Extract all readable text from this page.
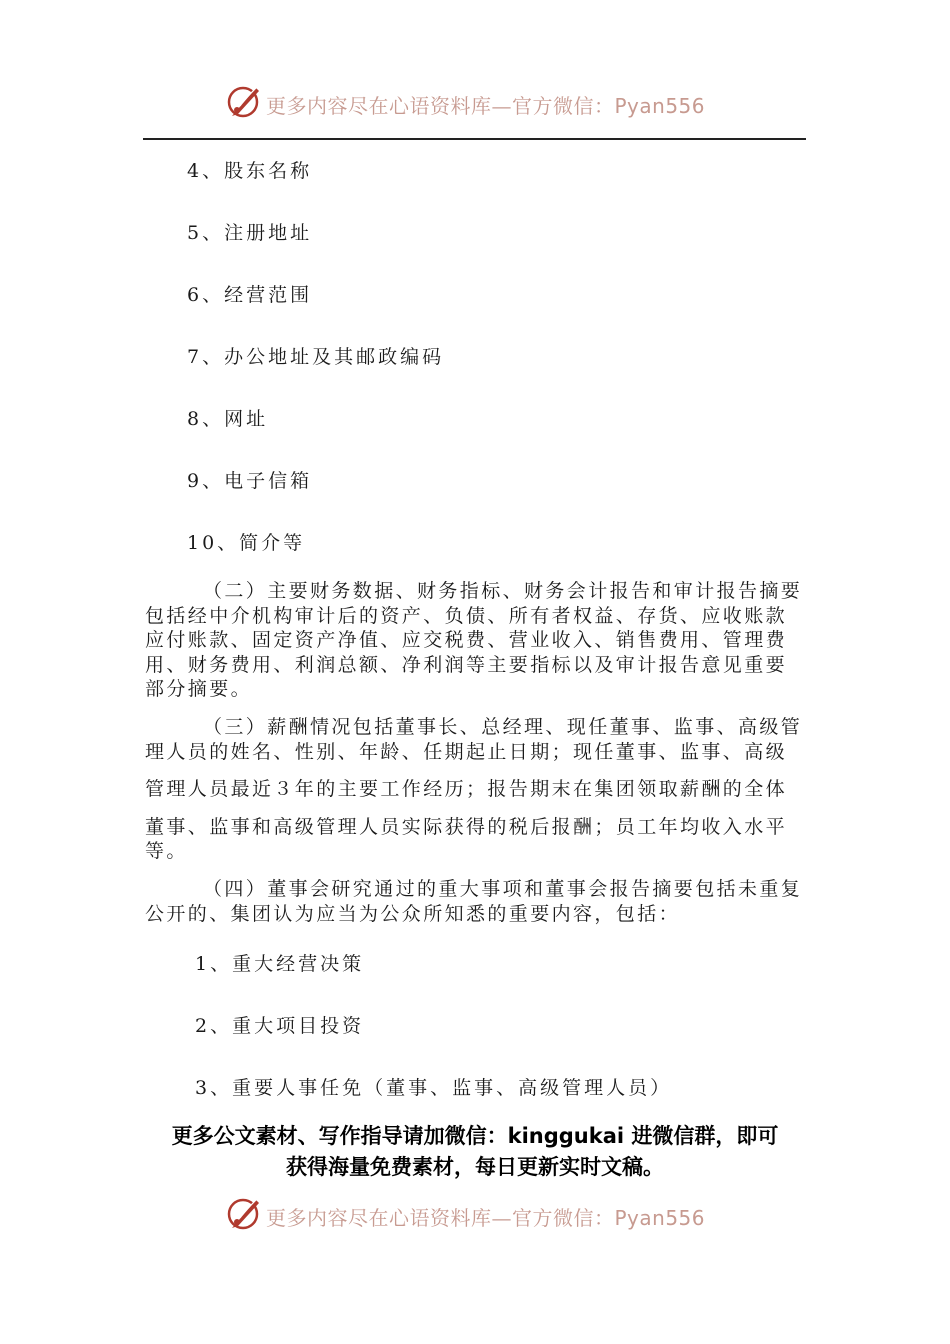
更多内容尽在心语资料库—官方微信：Pyan556
4、股东名称
5、注册地址
6、经营范围
7、办公地址及其邮政编码
8、网址
9、电子信箱
10、简介等
（二）主要财务数据、财务指标、财务会计报告和审计报告摘要
包括经中介机构审计后的资产、负债、所有者权益、存货、应收账款
应付账款、固定资产净值、应交税费、营业收入、销售费用、管理费
用、财务费用、利润总额、净利润等主要指标以及审计报告意见重要
部分摘要。
（三）薪酬情况包括董事长、总经理、现任董事、监事、高级管
理人员的姓名、性别、年龄、任期起止日期；现任董事、监事、高级
管理人员最近３年的主要工作经历；报告期末在集团领取薪酬的全体
董事、监事和高级管理人员实际获得的税后报酬；员工年均收入水平
等。
（四）董事会研究通过的重大事项和董事会报告摘要包括未重复
公开的、集团认为应当为公众所知悉的重要内容，包括：
1、重大经营决策
2、重大项目投资
3、重要人事任免（董事、监事、高级管理人员）
更多公文素材、写作指导请加微信：kinggukai 进微信群，即可
获得海量免费素材，每日更新实时文稿。
更多内容尽在心语资料库—官方微信：Pyan556
